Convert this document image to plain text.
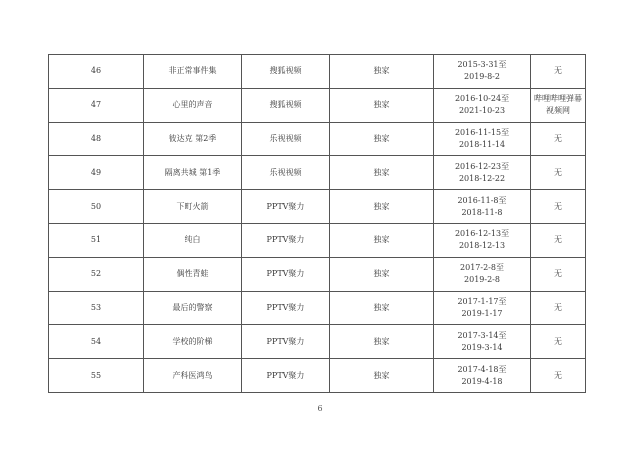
46	非正常事件集	搜狐视频	独家	2015-3-31至
2019-8-2	无
47	心里的声音	搜狐视频	独家	2016-10-24至
2021-10-23	哔哩哔哩弹幕视频网
48	彼达克 第2季	乐视视频	独家	2016-11-15至
2018-11-14	无
49	隔离共城 第1季	乐视视频	独家	2016-12-23至
2018-12-22	无
50	下町火箭	PPTV聚力	独家	2016-11-8至
2018-11-8	无
51	纯白	PPTV聚力	独家	2016-12-13至
2018-12-13	无
52	偶性青蛙	PPTV聚力	独家	2017-2-8至
2019-2-8	无
53	最后的警察	PPTV聚力	独家	2017-1-17至
2019-1-17	无
54	学校的阶梯	PPTV聚力	独家	2017-3-14至
2019-3-14	无
55	产科医鸿鸟	PPTV聚力	独家	2017-4-18至
2019-4-18	无
6
